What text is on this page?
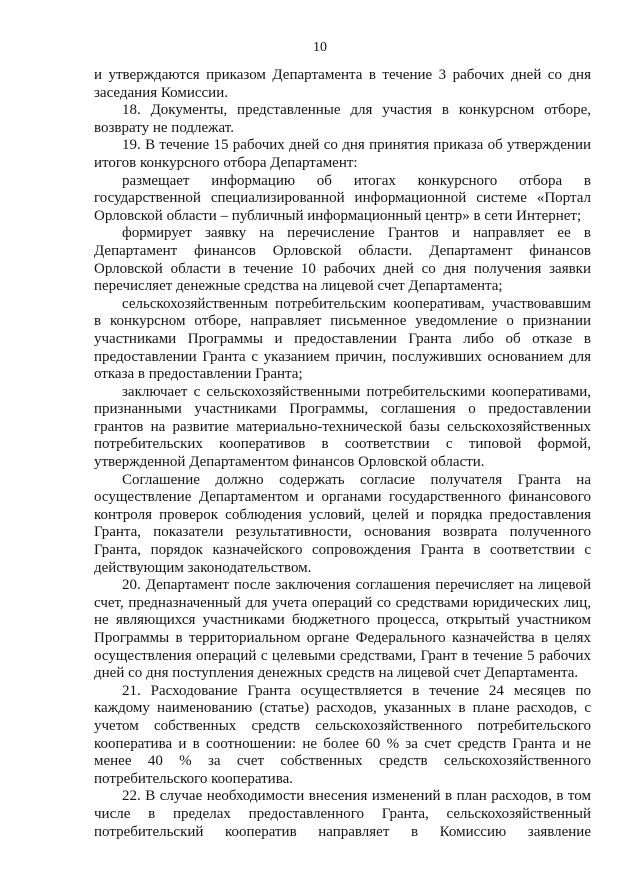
10

и утверждаются приказом Департамента в течение 3 рабочих дней со дня заседания Комиссии.

18. Документы, представленные для участия в конкурсном отборе, возврату не подлежат.

19. В течение 15 рабочих дней со дня принятия приказа об утверждении итогов конкурсного отбора Департамент:

размещает информацию об итогах конкурсного отбора в государственной специализированной информационной системе «Портал Орловской области – публичный информационный центр» в сети Интернет;

формирует заявку на перечисление Грантов и направляет ее в Департамент финансов Орловской области. Департамент финансов Орловской области в течение 10 рабочих дней со дня получения заявки перечисляет денежные средства на лицевой счет Департамента;

сельскохозяйственным потребительским кооперативам, участвовавшим в конкурсном отборе, направляет письменное уведомление о признании участниками Программы и предоставлении Гранта либо об отказе в предоставлении Гранта с указанием причин, послуживших основанием для отказа в предоставлении Гранта;

заключает с сельскохозяйственными потребительскими кооперативами, признанными участниками Программы, соглашения о предоставлении грантов на развитие материально-технической базы сельскохозяйственных потребительских кооперативов в соответствии с типовой формой, утвержденной Департаментом финансов Орловской области.

Соглашение должно содержать согласие получателя Гранта на осуществление Департаментом и органами государственного финансового контроля проверок соблюдения условий, целей и порядка предоставления Гранта, показатели результативности, основания возврата полученного Гранта, порядок казначейского сопровождения Гранта в соответствии с действующим законодательством.

20. Департамент после заключения соглашения перечисляет на лицевой счет, предназначенный для учета операций со средствами юридических лиц, не являющихся участниками бюджетного процесса, открытый участником Программы в территориальном органе Федерального казначейства в целях осуществления операций с целевыми средствами, Грант в течение 5 рабочих дней со дня поступления денежных средств на лицевой счет Департамента.

21. Расходование Гранта осуществляется в течение 24 месяцев по каждому наименованию (статье) расходов, указанных в плане расходов, с учетом собственных средств сельскохозяйственного потребительского кооператива и в соотношении: не более 60 % за счет средств Гранта и не менее 40 % за счет собственных средств сельскохозяйственного потребительского кооператива.

22. В случае необходимости внесения изменений в план расходов, в том числе в пределах предоставленного Гранта, сельскохозяйственный потребительский кооператив направляет в Комиссию заявление
